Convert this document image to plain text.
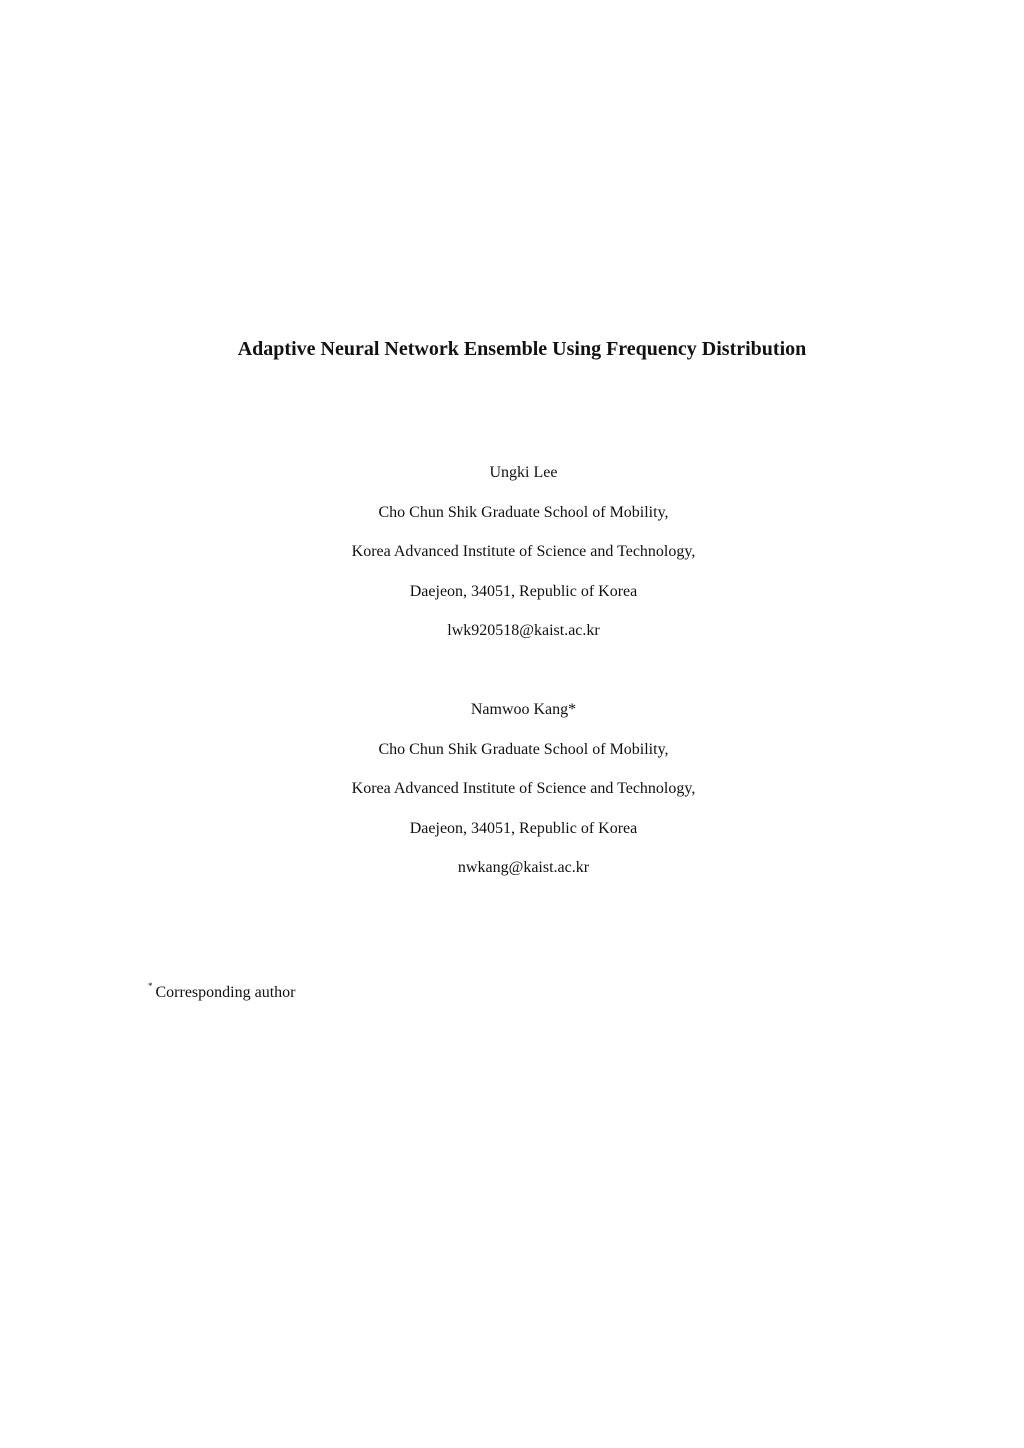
Adaptive Neural Network Ensemble Using Frequency Distribution
Ungki Lee
Cho Chun Shik Graduate School of Mobility,
Korea Advanced Institute of Science and Technology,
Daejeon, 34051, Republic of Korea
lwk920518@kaist.ac.kr
Namwoo Kang*
Cho Chun Shik Graduate School of Mobility,
Korea Advanced Institute of Science and Technology,
Daejeon, 34051, Republic of Korea
nwkang@kaist.ac.kr
* Corresponding author
